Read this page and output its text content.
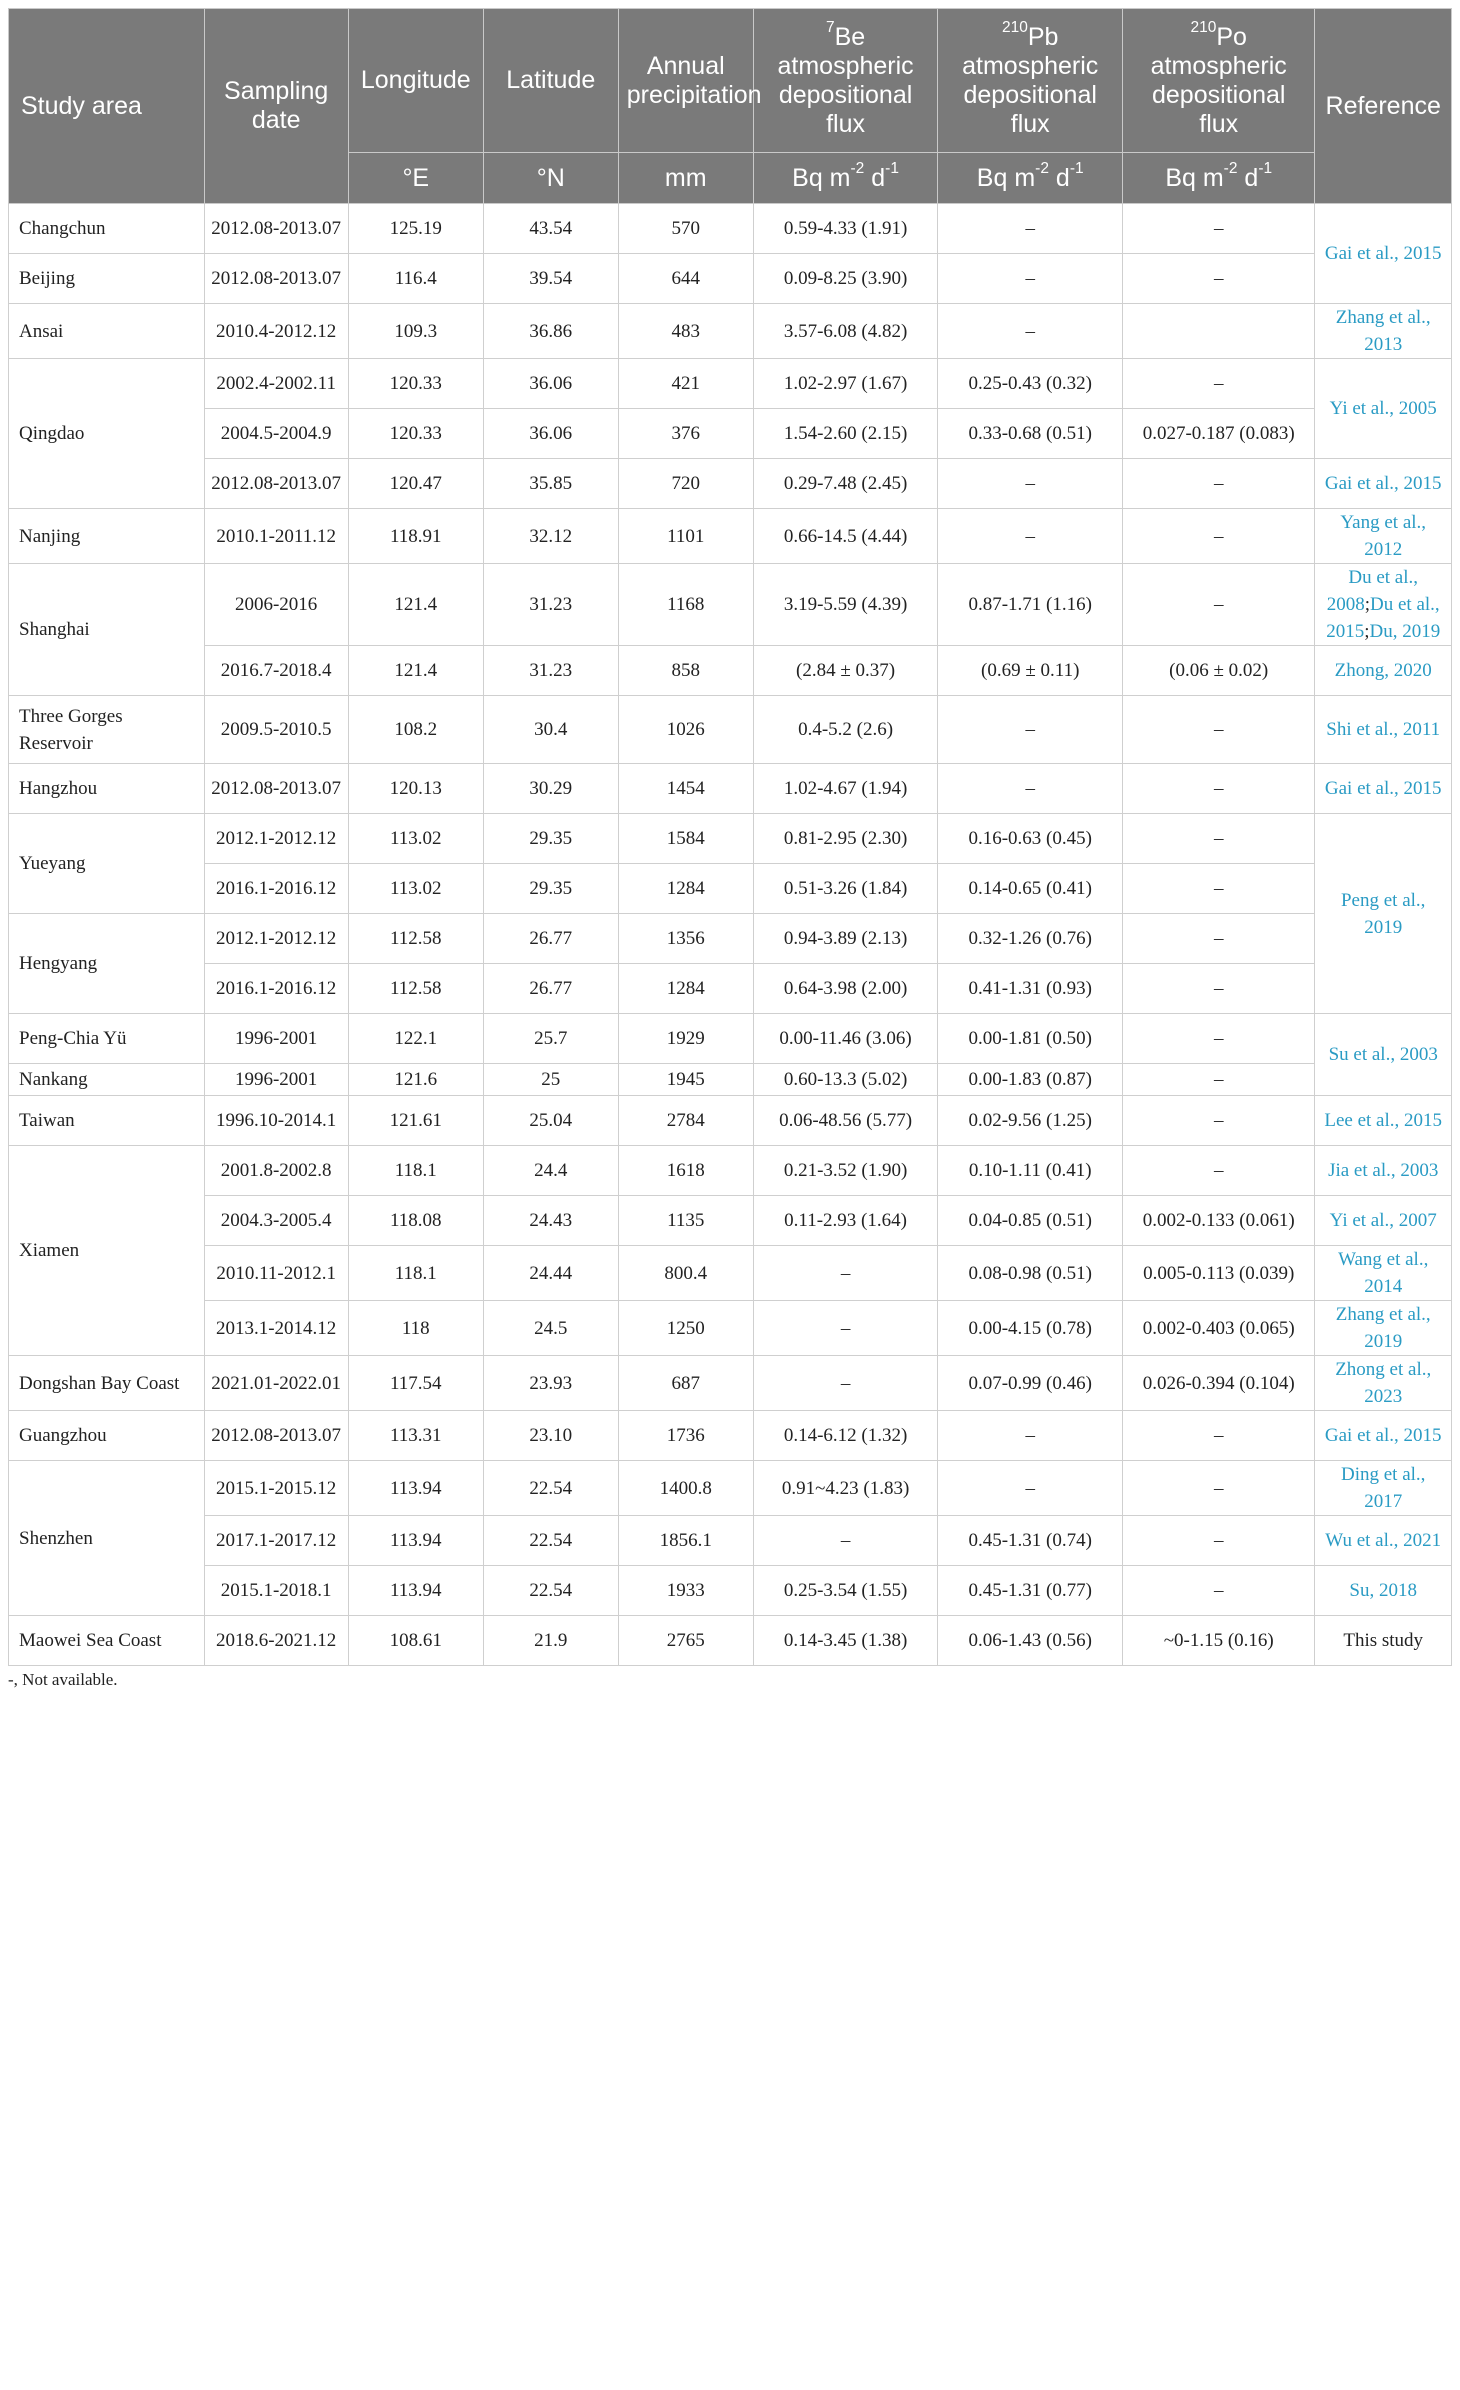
Study area	Sampling date	Longitude	Latitude	Annual precipitation	$^7$Be atmospheric depositional flux	$^{210}$Pb atmospheric depositional flux	$^{210}$Po atmospheric depositional flux	Reference
		°E	°N	mm	Bq $m^{-2}$ $d^{-1}$	Bq $m^{-2}$ $d^{-1}$	Bq $m^{-2}$ $d^{-1}$
Changchun	2012.08-2013.07	125.19	43.54	570	0.59-4.33 (1.91)	–	–	Gai et al., 2015
Beijing	2012.08-2013.07	116.4	39.54	644	0.09-8.25 (3.90)	–	–	
Ansai	2010.4-2012.12	109.3	36.86	483	3.57-6.08 (4.82)	–		Zhang et al., 2013
Qingdao	2002.4-2002.11	120.33	36.06	421	1.02-2.97 (1.67)	0.25-0.43 (0.32)	–	Yi et al., 2005
	2004.5-2004.9	120.33	36.06	376	1.54-2.60 (2.15)	0.33-0.68 (0.51)	0.027-0.187 (0.083)	
	2012.08-2013.07	120.47	35.85	720	0.29-7.48 (2.45)	–	–	Gai et al., 2015
Nanjing	2010.1-2011.12	118.91	32.12	1101	0.66-14.5 (4.44)	–	–	Yang et al., 2012
Shanghai	2006-2016	121.4	31.23	1168	3.19-5.59 (4.39)	0.87-1.71 (1.16)	–	Du et al., 2008;Du et al., 2015;Du, 2019
	2016.7-2018.4	121.4	31.23	858	(2.84 ± 0.37)	(0.69 ± 0.11)	(0.06 ± 0.02)	Zhong, 2020
Three Gorges Reservoir	2009.5-2010.5	108.2	30.4	1026	0.4-5.2 (2.6)	–	–	Shi et al., 2011
Hangzhou	2012.08-2013.07	120.13	30.29	1454	1.02-4.67 (1.94)	–	–	Gai et al., 2015
Yueyang	2012.1-2012.12	113.02	29.35	1584	0.81-2.95 (2.30)	0.16-0.63 (0.45)	–	Peng et al., 2019
	2016.1-2016.12	113.02	29.35	1284	0.51-3.26 (1.84)	0.14-0.65 (0.41)	–	
Hengyang	2012.1-2012.12	112.58	26.77	1356	0.94-3.89 (2.13)	0.32-1.26 (0.76)	–	
	2016.1-2016.12	112.58	26.77	1284	0.64-3.98 (2.00)	0.41-1.31 (0.93)	–	
Peng-Chia Yü	1996-2001	122.1	25.7	1929	0.00-11.46 (3.06)	0.00-1.81 (0.50)	–	Su et al., 2003
Nankang	1996-2001	121.6	25	1945	0.60-13.3 (5.02)	0.00-1.83 (0.87)	–	
Taiwan	1996.10-2014.1	121.61	25.04	2784	0.06-48.56 (5.77)	0.02-9.56 (1.25)	–	Lee et al., 2015
Xiamen	2001.8-2002.8	118.1	24.4	1618	0.21-3.52 (1.90)	0.10-1.11 (0.41)	–	Jia et al., 2003
	2004.3-2005.4	118.08	24.43	1135	0.11-2.93 (1.64)	0.04-0.85 (0.51)	0.002-0.133 (0.061)	Yi et al., 2007
	2010.11-2012.1	118.1	24.44	800.4	–	0.08-0.98 (0.51)	0.005-0.113 (0.039)	Wang et al., 2014
	2013.1-2014.12	118	24.5	1250	–	0.00-4.15 (0.78)	0.002-0.403 (0.065)	Zhang et al., 2019
Dongshan Bay Coast	2021.01-2022.01	117.54	23.93	687	–	0.07-0.99 (0.46)	0.026-0.394 (0.104)	Zhong et al., 2023
Guangzhou	2012.08-2013.07	113.31	23.10	1736	0.14-6.12 (1.32)	–	–	Gai et al., 2015
Shenzhen	2015.1-2015.12	113.94	22.54	1400.8	0.91~4.23 (1.83)	–	–	Ding et al., 2017
	2017.1-2017.12	113.94	22.54	1856.1	–	0.45-1.31 (0.74)	–	Wu et al., 2021
	2015.1-2018.1	113.94	22.54	1933	0.25-3.54 (1.55)	0.45-1.31 (0.77)	–	Su, 2018
Maowei Sea Coast	2018.6-2021.12	108.61	21.9	2765	0.14-3.45 (1.38)	0.06-1.43 (0.56)	~0-1.15 (0.16)	This study
-, Not available.
